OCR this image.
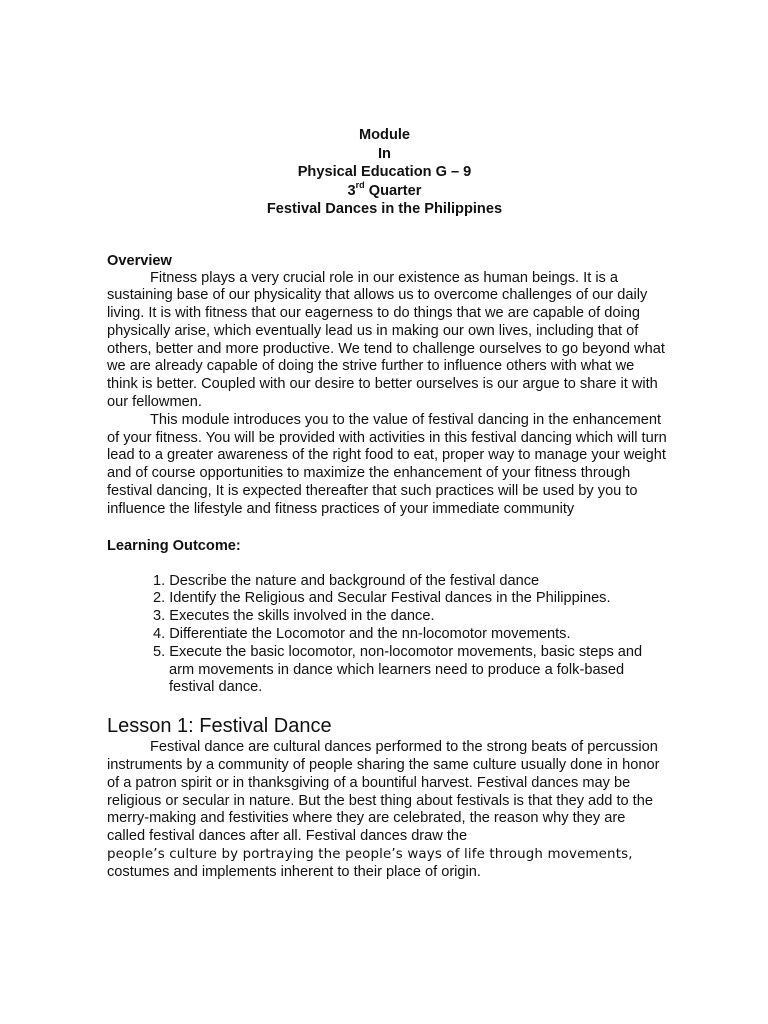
Module
In
Physical Education G – 9
3rd Quarter
Festival Dances in the Philippines
Overview

Fitness plays a very crucial role in our existence as human beings. It is a sustaining base of our physicality that allows us to overcome challenges of our daily living. It is with fitness that our eagerness to do things that we are capable of doing physically arise, which eventually lead us in making our own lives, including that of others, better and more productive. We tend to challenge ourselves to go beyond what we are already capable of doing the strive further to influence others with what we think is better. Coupled with our desire to better ourselves is our argue to share it with our fellowmen.

This module introduces you to the value of festival dancing in the enhancement of your fitness. You will be provided with activities in this festival dancing which will turn lead to a greater awareness of the right food to eat, proper way to manage your weight and of course opportunities to maximize the enhancement of your fitness through festival dancing, It is expected thereafter that such practices will be used by you to influence the lifestyle and fitness practices of your immediate community

Learning Outcome:
1. Describe the nature and background of the festival dance
2. Identify the Religious and Secular Festival dances in the Philippines.
3. Executes the skills involved in the dance.
4. Differentiate the Locomotor and the nn-locomotor movements.
5. Execute the basic locomotor, non-locomotor movements, basic steps and arm movements in dance which learners need to produce a folk-based festival dance.
Lesson 1: Festival Dance

Festival dance are cultural dances performed to the strong beats of percussion instruments by a community of people sharing the same culture usually done in honor of a patron spirit or in thanksgiving of a bountiful harvest. Festival dances may be religious or secular in nature. But the best thing about festivals is that they add to the merry-making and festivities where they are celebrated, the reason why they are called festival dances after all. Festival dances draw the
people’s culture by portraying the people’s ways of life through movements,
costumes and implements inherent to their place of origin.
